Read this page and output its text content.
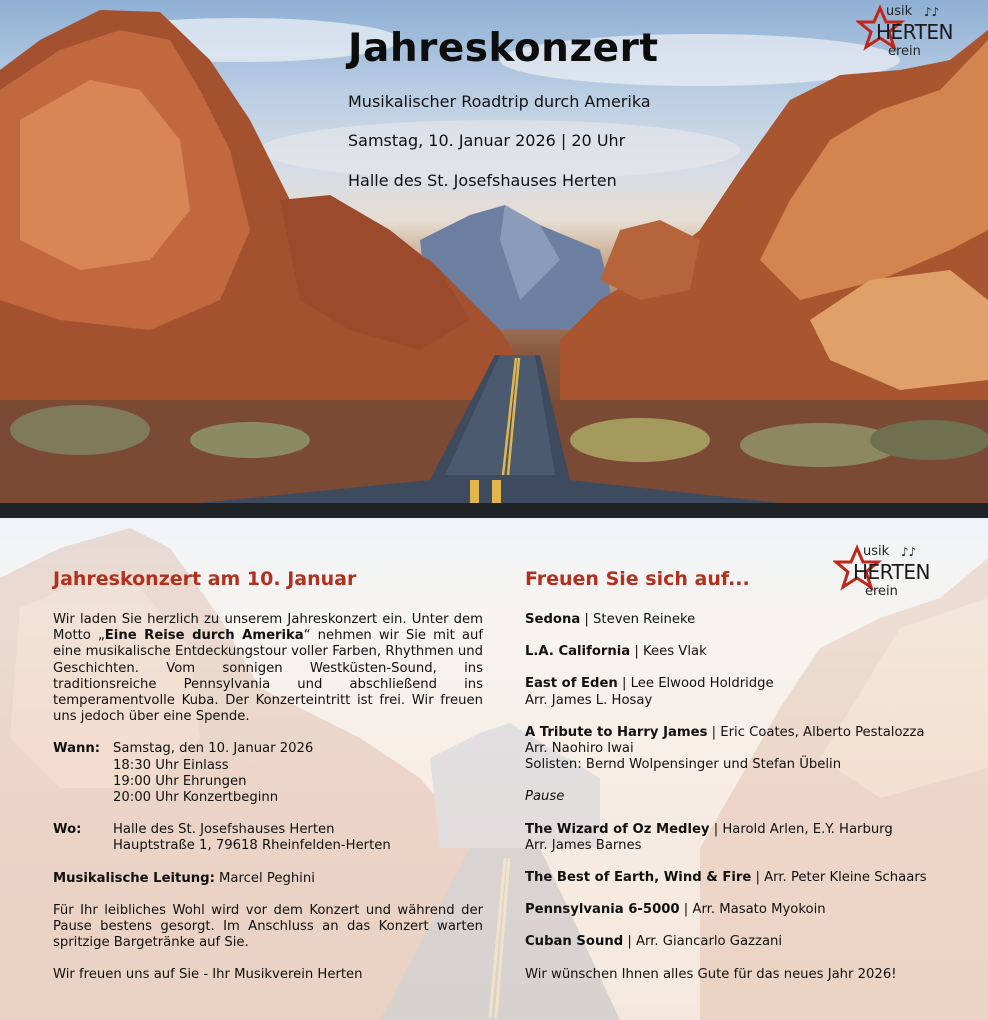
Jahreskonzert
Musikalischer Roadtrip durch Amerika
Samstag, 10. Januar 2026 | 20 Uhr
Halle des St. Josefshauses Herten
♪♪
usik
HERTEN
erein
Jahreskonzert am 10. Januar

Wir laden Sie herzlich zu unserem Jahreskonzert ein. Unter dem Motto „Eine Reise durch Amerika“ nehmen wir Sie mit auf eine musikalische Entdeckungstour voller Farben, Rhythmen und Geschichten. Vom sonnigen Westküsten-Sound, ins traditionsreiche Pennsylvania und abschließend ins temperamentvolle Kuba. Der Konzerteintritt ist frei. Wir freuen uns jedoch über eine Spende.

Wann: Samstag, den 10. Januar 2026
18:30 Uhr Einlass
19:00 Uhr Ehrungen
20:00 Uhr Konzertbeginn
Wo:	Halle des St. Josefshauses Herten
Hauptstraße 1, 79618 Rheinfelden-Herten
Musikalische Leitung: Marcel Peghini

Für Ihr leibliches Wohl wird vor dem Konzert und während der Pause bestens gesorgt. Im Anschluss an das Konzert warten spritzige Bargetränke auf Sie.

Wir freuen uns auf Sie - Ihr Musikverein Herten
Freuen Sie sich auf...
♪♪
usik
HERTEN
erein
Sedona | Steven Reineke
L.A. California | Kees Vlak
East of Eden | Lee Elwood Holdridge
Arr. James L. Hosay
A Tribute to Harry James | Eric Coates, Alberto Pestalozza
Arr. Naohiro Iwai
Solisten: Bernd Wolpensinger und Stefan Übelin
Pause
The Wizard of Oz Medley | Harold Arlen, E.Y. Harburg
Arr. James Barnes
The Best of Earth, Wind & Fire | Arr. Peter Kleine Schaars
Pennsylvania 6-5000 | Arr. Masato Myokoin
Cuban Sound | Arr. Giancarlo Gazzani
Wir wünschen Ihnen alles Gute für das neues Jahr 2026!
